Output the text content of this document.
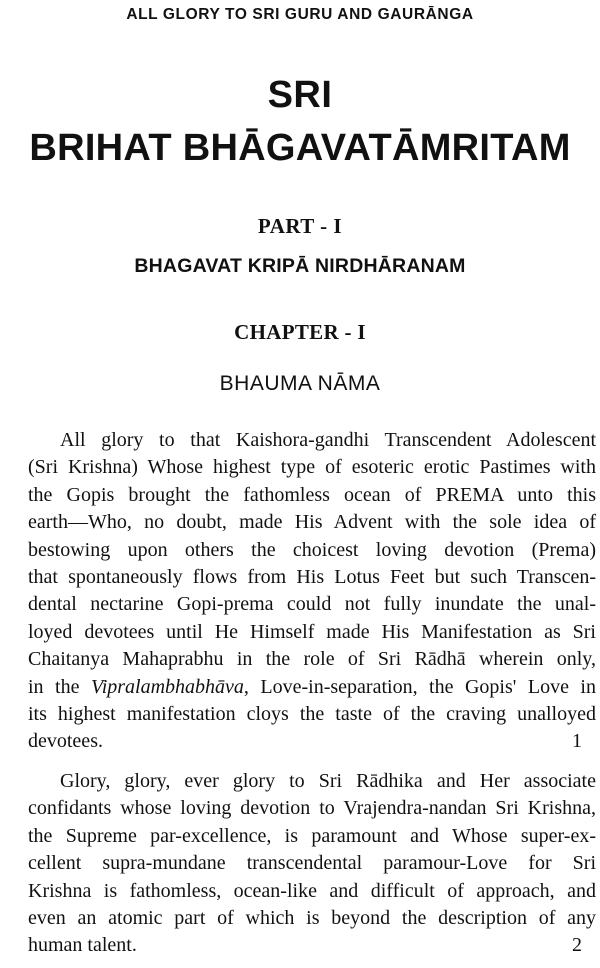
ALL GLORY TO SRI GURU AND GAURĀNGA
SRI
BRIHAT BHĀGAVATĀMRITAM
PART - I
BHAGAVAT KRIPĀ NIRDHĀRANAM
CHAPTER - I
BHAUMA NĀMA
All glory to that Kaishora-gandhi Transcendent Adolescent
(Sri Krishna) Whose highest type of esoteric erotic Pastimes with
the Gopis brought the fathomless ocean of PREMA unto this
earth—Who, no doubt, made His Advent with the sole idea of
bestowing upon others the choicest loving devotion (Prema)
that spontaneously flows from His Lotus Feet but such Transcen-
dental nectarine Gopi-prema could not fully inundate the unal-
loyed devotees until He Himself made His Manifestation as Sri
Chaitanya Mahaprabhu in the role of Sri Rādhā wherein only,
in the Vipralambhabhāva, Love-in-separation, the Gopis' Love in
its highest manifestation cloys the taste of the craving unalloyed
devotees.	1
Glory, glory, ever glory to Sri Rādhika and Her associate
confidants whose loving devotion to Vrajendra-nandan Sri Krishna,
the Supreme par-excellence, is paramount and Whose super-ex-
cellent supra-mundane transcendental paramour-Love for Sri
Krishna is fathomless, ocean-like and difficult of approach, and
even an atomic part of which is beyond the description of any
human talent.	2
